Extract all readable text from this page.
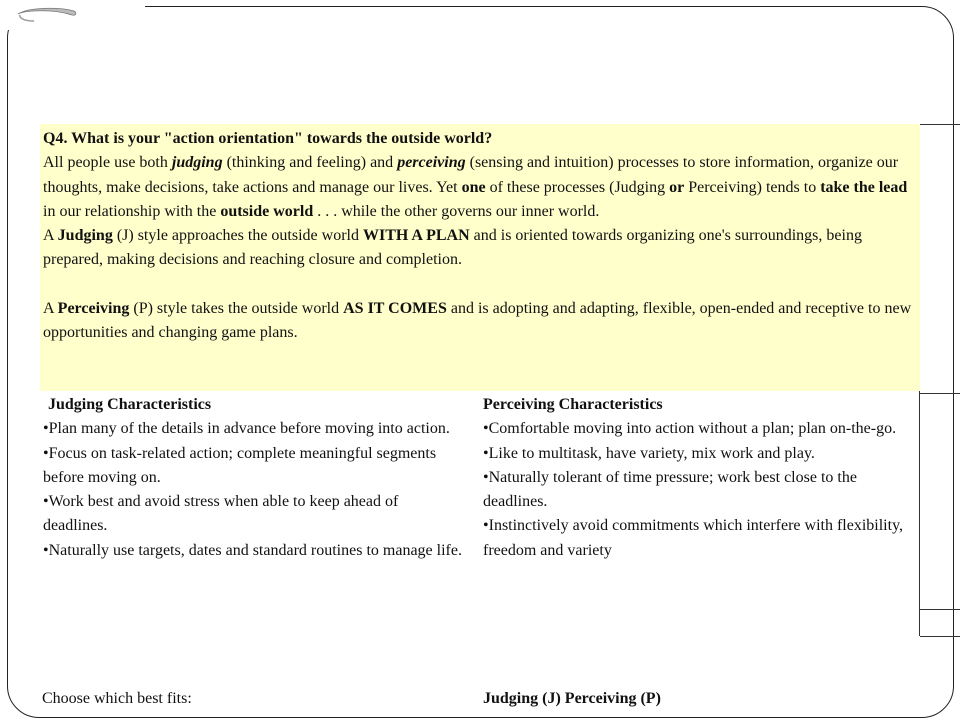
Q4. What is your "action orientation" towards the outside world?

All people use both judging (thinking and feeling) and perceiving (sensing and intuition) processes to store information, organize our thoughts, make decisions, take actions and manage our lives. Yet one of these processes (Judging or Perceiving) tends to take the lead in our relationship with the outside world . . . while the other governs our inner world.

A Judging (J) style approaches the outside world WITH A PLAN and is oriented towards organizing one's surroundings, being prepared, making decisions and reaching closure and completion.

A Perceiving (P) style takes the outside world AS IT COMES and is adopting and adapting, flexible, open-ended and receptive to new opportunities and changing game plans.

Judging Characteristics
• Plan many of the details in advance before moving into action.
• Focus on task-related action; complete meaningful segments before moving on.
• Work best and avoid stress when able to keep ahead of deadlines.
• Naturally use targets, dates and standard routines to manage life.
Perceiving Characteristics
• Comfortable moving into action without a plan; plan on-the-go.
• Like to multitask, have variety, mix work and play.
• Naturally tolerant of time pressure; work best close to the deadlines.
• Instinctively avoid commitments which interfere with flexibility, freedom and variety
Choose which best fits:	Judging (J) Perceiving (P)
